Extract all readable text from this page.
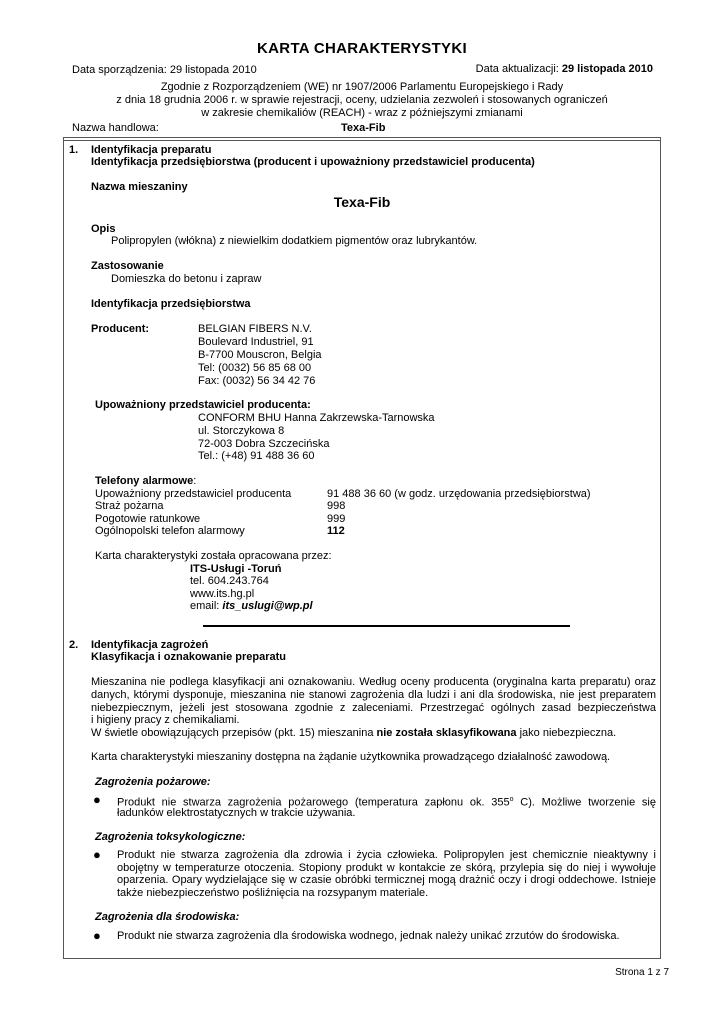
KARTA CHARAKTERYSTYKI
Data sporządzenia: 29 listopada 2010	Data aktualizacji: 29 listopada 2010
Zgodnie z Rozporządzeniem (WE) nr 1907/2006 Parlamentu Europejskiego i Rady
z dnia 18 grudnia 2006 r. w sprawie rejestracji, oceny, udzielania zezwoleń i stosowanych ograniczeń
w zakresie chemikaliów (REACH) - wraz z późniejszymi zmianami
Nazwa handlowa:	Texa-Fib
1. Identyfikacja preparatu
Identyfikacja przedsiębiorstwa (producent i upoważniony przedstawiciel producenta)
Nazwa mieszaniny
Texa-Fib
Opis
Polipropylen (włókna) z niewielkim dodatkiem pigmentów oraz lubrykantów.
Zastosowanie
Domieszka do betonu i zapraw
Identyfikacja przedsiębiorstwa
Producent:	BELGIAN FIBERS N.V.
Boulevard Industriel, 91
B-7700 Mouscron, Belgia
Tel: (0032) 56 85 68 00
Fax: (0032) 56 34 42 76
Upoważniony przedstawiciel producenta:
CONFORM BHU Hanna Zakrzewska-Tarnowska
ul. Storczykowa 8
72-003 Dobra Szczecińska
Tel.: (+48) 91 488 36 60
Telefony alarmowe:
Upoważniony przedstawiciel producenta	91 488 36 60 (w godz. urzędowania przedsiębiorstwa)
Straż pożarna	998
Pogotowie ratunkowe	999
Ogólnopolski telefon alarmowy	112
Karta charakterystyki została opracowana przez:
ITS-Usługi -Toruń
tel. 604.243.764
www.its.hg.pl
email: its_uslugi@wp.pl
2. Identyfikacja zagrożeń
Klasyfikacja i oznakowanie preparatu
Mieszanina nie podlega klasyfikacji ani oznakowaniu. Według oceny producenta (oryginalna karta preparatu) oraz
danych, którymi dysponuje, mieszanina nie stanowi zagrożenia dla ludzi i ani dla środowiska, nie jest preparatem
niebezpiecznym, jeżeli jest stosowana zgodnie z zaleceniami. Przestrzegać ogólnych zasad bezpieczeństwa
i higieny pracy z chemikaliami.
W świetle obowiązujących przepisów (pkt. 15) mieszanina nie została sklasyfikowana jako niebezpieczna.
Karta charakterystyki mieszaniny dostępna na żądanie użytkownika prowadzącego działalność zawodową.
Zagrożenia pożarowe:
● Produkt nie stwarza zagrożenia pożarowego (temperatura zapłonu ok. 355$^o$ C). Możliwe tworzenie się
ładunków elektrostatycznych w trakcie używania.
Zagrożenia toksykologiczne:
● Produkt nie stwarza zagrożenia dla zdrowia i życia człowieka. Polipropylen jest chemicznie nieaktywny i
obojętny w temperaturze otoczenia. Stopiony produkt w kontakcie ze skórą, przylepia się do niej i wywołuje
oparzenia. Opary wydzielające się w czasie obróbki termicznej mogą drażnić oczy i drogi oddechowe. Istnieje
także niebezpieczeństwo pośliźnięcia na rozsypanym materiale.
Zagrożenia dla środowiska:
● Produkt nie stwarza zagrożenia dla środowiska wodnego, jednak należy unikać zrzutów do środowiska.
Strona 1 z 7
